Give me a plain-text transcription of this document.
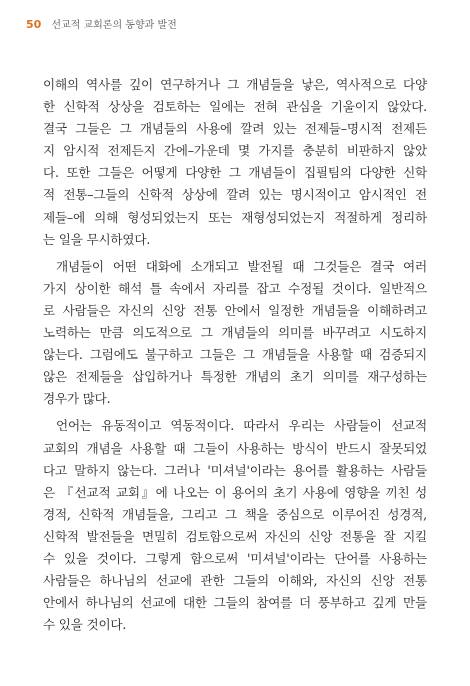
50 선교적 교회론의 동향과 발전
이해의 역사를 깊이 연구하거나 그 개념들을 낳은, 역사적으로 다양
한 신학적 상상을 검토하는 일에는 전혀 관심을 기울이지 않았다.
결국 그들은 그 개념들의 사용에 깔려 있는 전제들–명시적 전제든
지 암시적 전제든지 간에–가운데 몇 가지를 충분히 비판하지 않았
다. 또한 그들은 어떻게 다양한 그 개념들이 집필팀의 다양한 신학
적 전통–그들의 신학적 상상에 깔려 있는 명시적이고 암시적인 전
제들–에 의해 형성되었는지 또는 재형성되었는지 적절하게 정리하
는 일을 무시하였다.
개념들이 어떤 대화에 소개되고 발전될 때 그것들은 결국 여러
가지 상이한 해석 틀 속에서 자리를 잡고 수정될 것이다. 일반적으
로 사람들은 자신의 신앙 전통 안에서 일정한 개념들을 이해하려고
노력하는 만큼 의도적으로 그 개념들의 의미를 바꾸려고 시도하지
않는다. 그럼에도 불구하고 그들은 그 개념들을 사용할 때 검증되지
않은 전제들을 삽입하거나 특정한 개념의 초기 의미를 재구성하는
경우가 많다.
언어는 유동적이고 역동적이다. 따라서 우리는 사람들이 선교적
교회의 개념을 사용할 때 그들이 사용하는 방식이 반드시 잘못되었
다고 말하지 않는다. 그러나 '미셔널'이라는 용어를 활용하는 사람들
은 『선교적 교회』에 나오는 이 용어의 초기 사용에 영향을 끼친 성
경적, 신학적 개념들을, 그리고 그 책을 중심으로 이루어진 성경적,
신학적 발전들을 면밀히 검토함으로써 자신의 신앙 전통을 잘 지킬
수 있을 것이다. 그렇게 함으로써 '미셔널'이라는 단어를 사용하는
사람들은 하나님의 선교에 관한 그들의 이해와, 자신의 신앙 전통
안에서 하나님의 선교에 대한 그들의 참여를 더 풍부하고 깊게 만들
수 있을 것이다.
